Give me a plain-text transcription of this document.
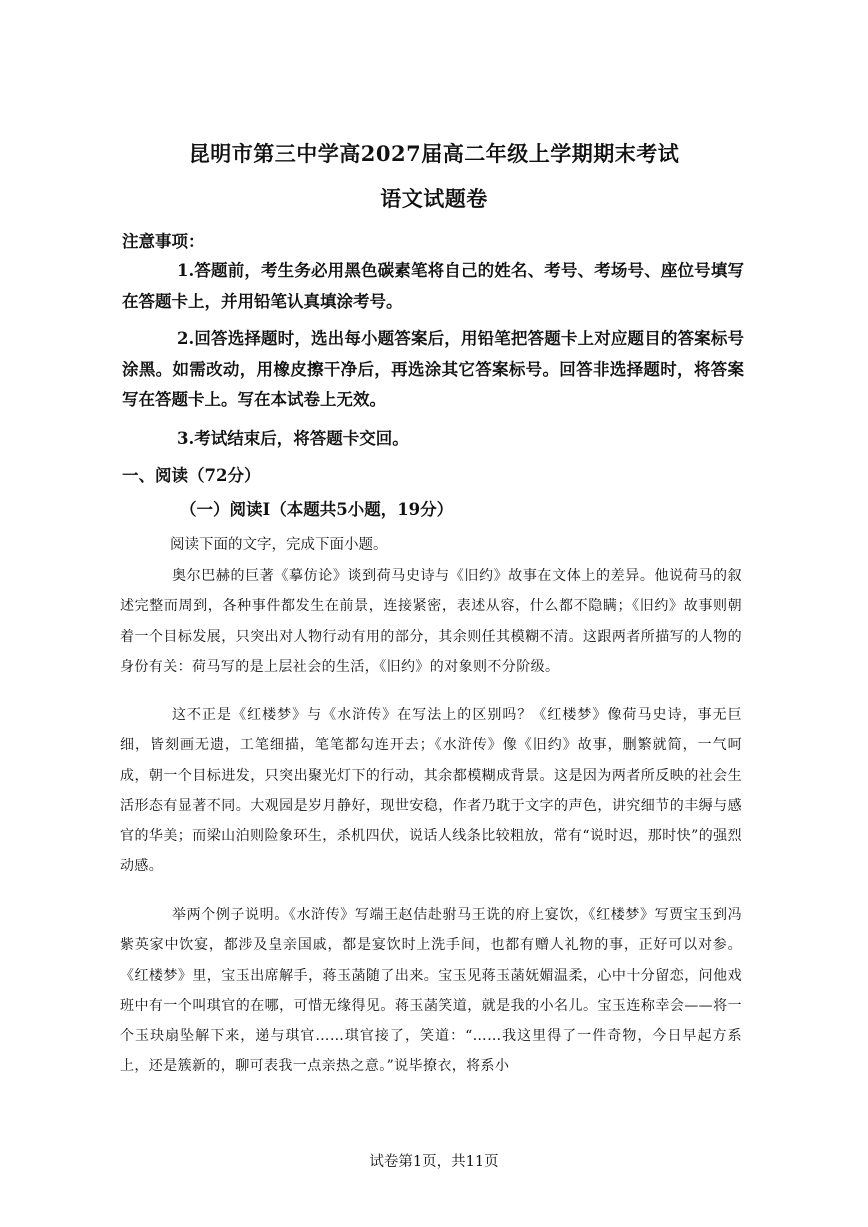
昆明市第三中学高2027届高二年级上学期期末考试
语文试题卷
注意事项：
1.答题前，考生务必用黑色碳素笔将自己的姓名、考号、考场号、座位号填写在答题卡上，并用铅笔认真填涂考号。
2.回答选择题时，选出每小题答案后，用铅笔把答题卡上对应题目的答案标号涂黑。如需改动，用橡皮擦干净后，再选涂其它答案标号。回答非选择题时，将答案写在答题卡上。写在本试卷上无效。
3.考试结束后，将答题卡交回。
一、阅读（72分）
（一）阅读I（本题共5小题，19分）
阅读下面的文字，完成下面小题。
奥尔巴赫的巨著《摹仿论》谈到荷马史诗与《旧约》故事在文体上的差异。他说荷马的叙述完整而周到，各种事件都发生在前景，连接紧密，表述从容，什么都不隐瞒；《旧约》故事则朝着一个目标发展，只突出对人物行动有用的部分，其余则任其模糊不清。这跟两者所描写的人物的身份有关：荷马写的是上层社会的生活，《旧约》的对象则不分阶级。
这不正是《红楼梦》与《水浒传》在写法上的区别吗？《红楼梦》像荷马史诗，事无巨细，皆刻画无遗，工笔细描，笔笔都勾连开去；《水浒传》像《旧约》故事，删繁就简，一气呵成，朝一个目标进发，只突出聚光灯下的行动，其余都模糊成背景。这是因为两者所反映的社会生活形态有显著不同。大观园是岁月静好，现世安稳，作者乃耽于文字的声色，讲究细节的丰缛与感官的华美；而梁山泊则险象环生，杀机四伏，说话人线条比较粗放，常有“说时迟，那时快”的强烈动感。
举两个例子说明。《水浒传》写端王赵佶赴驸马王诜的府上宴饮，《红楼梦》写贾宝玉到冯紫英家中饮宴，都涉及皇亲国戚，都是宴饮时上洗手间，也都有赠人礼物的事，正好可以对参。《红楼梦》里，宝玉出席解手，蒋玉菡随了出来。宝玉见蒋玉菡妩媚温柔，心中十分留恋，问他戏班中有一个叫琪官的在哪，可惜无缘得见。蒋玉菡笑道，就是我的小名儿。宝玉连称幸会——将一个玉玦扇坠解下来，递与琪官……琪官接了，笑道：“……我这里得了一件奇物，今日早起方系上，还是簇新的，聊可表我一点亲热之意。”说毕撩衣，将系小
试卷第1页，共11页
